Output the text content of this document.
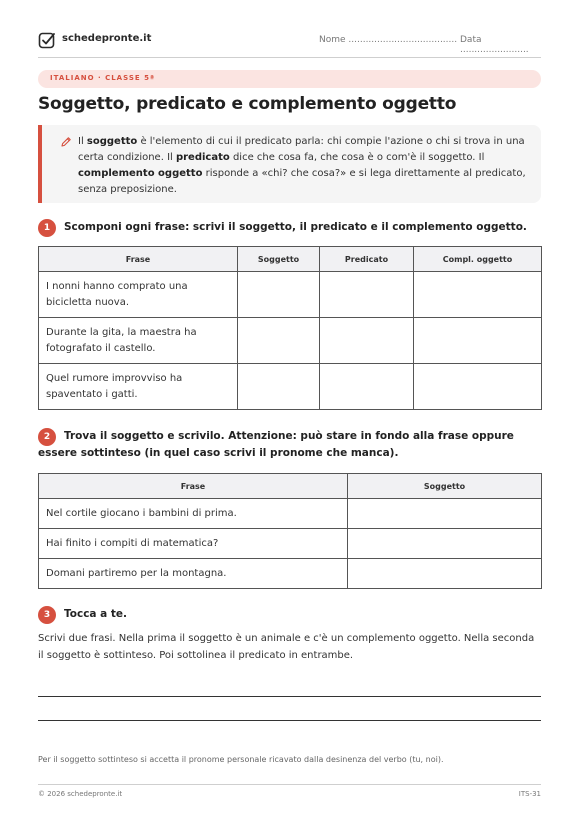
schedepronte.it	Nome ...................................... Data ........................
ITALIANO · CLASSE 5ª
Soggetto, predicato e complemento oggetto

Il soggetto è l'elemento di cui il predicato parla: chi compie l'azione o chi si trova in una certa condizione. Il predicato dice che cosa fa, che cosa è o com'è il soggetto. Il complemento oggetto risponde a «chi? che cosa?» e si lega direttamente al predicato, senza preposizione.

1	Scomponi ogni frase: scrivi il soggetto, il predicato e il complemento oggetto.
Frase	Soggetto	Predicato	Compl. oggetto
I nonni hanno comprato una bicicletta nuova.			
Durante la gita, la maestra ha fotografato il castello.			
Quel rumore improvviso ha spaventato i gatti.			
2	Trova il soggetto e scrivilo. Attenzione: può stare in fondo alla frase oppure essere sottinteso (in quel caso scrivi il pronome che manca).
Frase	Soggetto
Nel cortile giocano i bambini di prima.	
Hai finito i compiti di matematica?	
Domani partiremo per la montagna.	
3	Tocca a te.
Scrivi due frasi. Nella prima il soggetto è un animale e c'è un complemento oggetto. Nella seconda il soggetto è sottinteso. Poi sottolinea il predicato in entrambe.
Per il soggetto sottinteso si accetta il pronome personale ricavato dalla desinenza del verbo (tu, noi).
© 2026 schedepronte.it	ITS-31
